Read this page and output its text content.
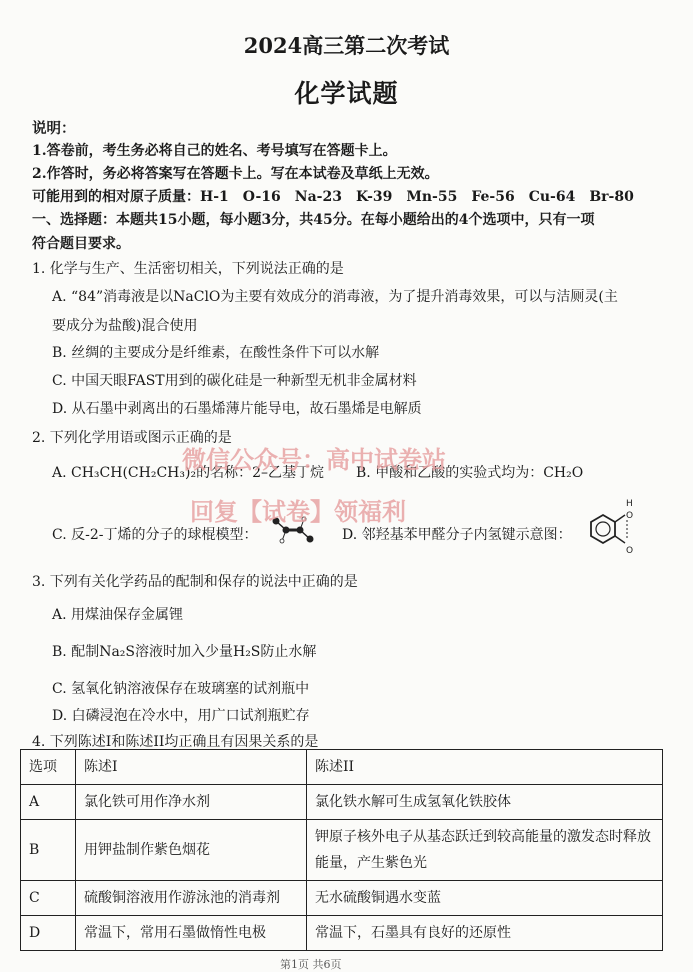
2024高三第二次考试
化学试题
说明：
1.答卷前，考生务必将自己的姓名、考号填写在答题卡上。
2.作答时，务必将答案写在答题卡上。写在本试卷及草纸上无效。
可能用到的相对原子质量：H-1　O-16　Na-23　K-39　Mn-55　Fe-56　Cu-64　Br-80
一、选择题：本题共15小题，每小题3分，共45分。在每小题给出的4个选项中，只有一项
符合题目要求。
1. 化学与生产、生活密切相关，下列说法正确的是
A. “84”消毒液是以NaClO为主要有效成分的消毒液，为了提升消毒效果，可以与洁厕灵(主
要成分为盐酸)混合使用
B. 丝绸的主要成分是纤维素，在酸性条件下可以水解
C. 中国天眼FAST用到的碳化硅是一种新型无机非金属材料
D. 从石墨中剥离出的石墨烯薄片能导电，故石墨烯是电解质
2. 下列化学用语或图示正确的是
A. CH₃CH(CH₂CH₃)₂的名称：2–乙基丁烷 B. 甲酸和乙酸的实验式均为：CH₂O
C. 反-2-丁烯的分子的球棍模型：	D. 邻羟基苯甲醛分子内氢键示意图：
H
O
O
微信公众号：高中试卷站
回复【试卷】领福利
3. 下列有关化学药品的配制和保存的说法中正确的是
A. 用煤油保存金属锂
B. 配制Na₂S溶液时加入少量H₂S防止水解
C. 氢氧化钠溶液保存在玻璃塞的试剂瓶中
D. 白磷浸泡在冷水中，用广口试剂瓶贮存
4. 下列陈述I和陈述II均正确且有因果关系的是
选项	陈述I	陈述II
A	氯化铁可用作净水剂	氯化铁水解可生成氢氧化铁胶体
B	用钾盐制作紫色烟花	钾原子核外电子从基态跃迁到较高能量的激发态时释放能量，产生紫色光
C	硫酸铜溶液用作游泳池的消毒剂	无水硫酸铜遇水变蓝
D	常温下，常用石墨做惰性电极	常温下，石墨具有良好的还原性
第1页 共6页
